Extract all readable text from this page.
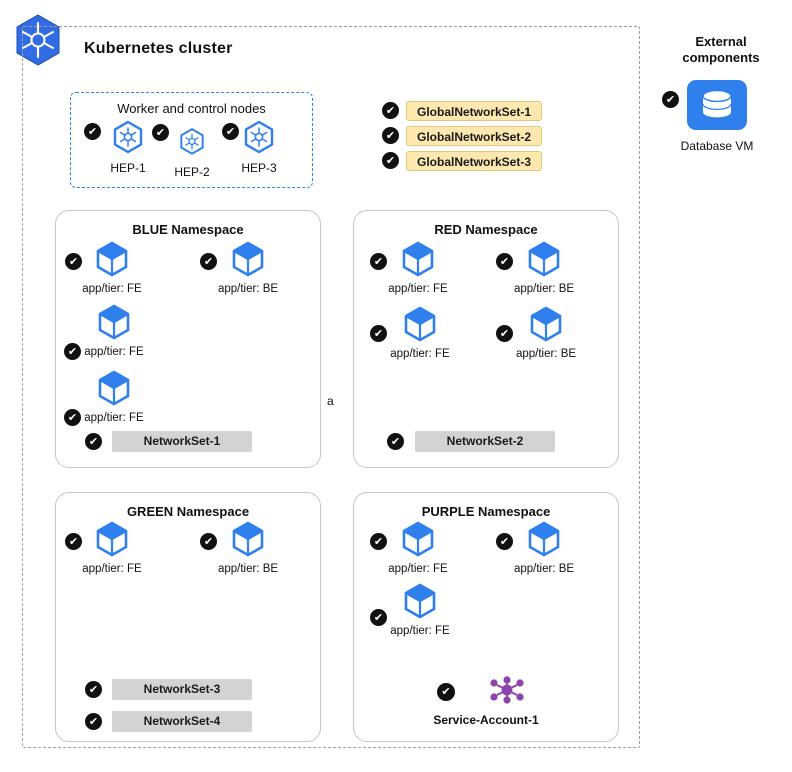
Kubernetes cluster
Worker and control nodes
✔
HEP-1
✔
HEP-2
✔
HEP-3
✔	GlobalNetworkSet-1
✔	GlobalNetworkSet-2
✔	GlobalNetworkSet-3
BLUE Namespace
✔
app/tier: FE
✔
app/tier: BE
✔ app/tier: FE
✔ app/tier: FE
✔	NetworkSet-1
a
RED Namespace
✔
app/tier: FE
✔
app/tier: BE
✔
app/tier: FE
✔
app/tier: BE
✔	NetworkSet-2
GREEN Namespace
✔
app/tier: FE
✔
app/tier: BE
✔	NetworkSet-3
✔	NetworkSet-4
PURPLE Namespace
✔
app/tier: FE
✔
app/tier: BE
✔
app/tier: FE
✔
Service-Account-1
External
components
✔
Database VM
